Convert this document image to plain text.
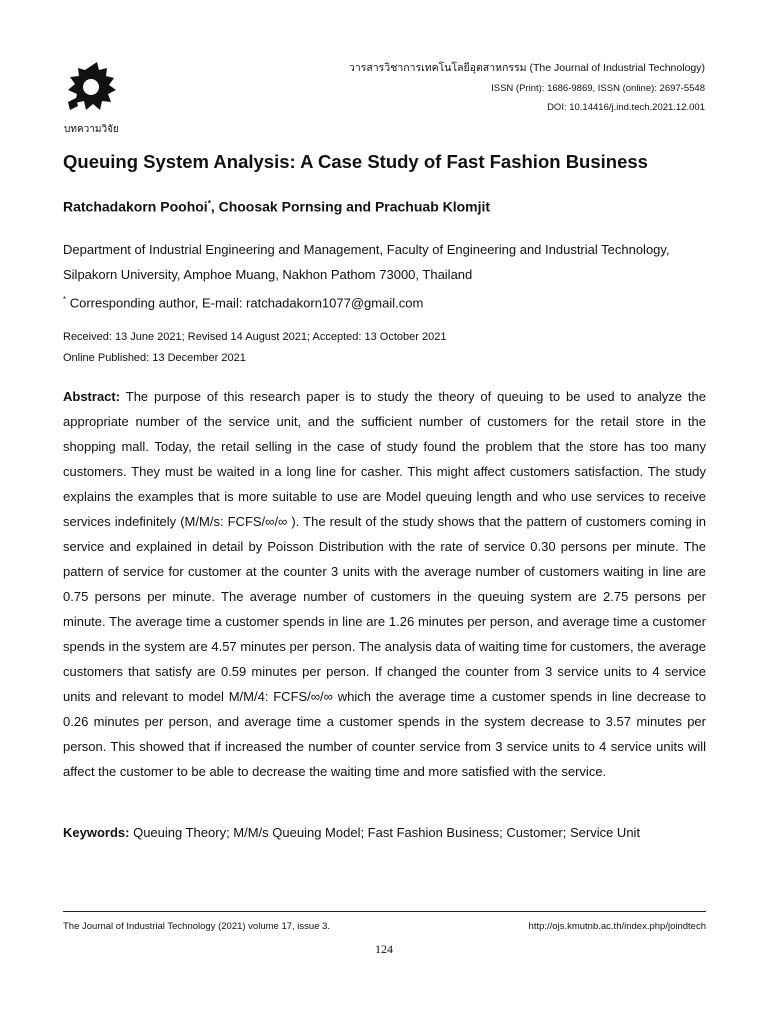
บทความวิจัย
วารสารวิชาการเทคโนโลยีอุตสาหกรรม (The Journal of Industrial Technology)
ISSN (Print): 1686-9869, ISSN (online): 2697-5548
DOI: 10.14416/j.ind.tech.2021.12.001
Queuing System Analysis: A Case Study of Fast Fashion Business
Ratchadakorn Poohoi*, Choosak Pornsing and Prachuab Klomjit
Department of Industrial Engineering and Management, Faculty of Engineering and Industrial Technology,
Silpakorn University, Amphoe Muang, Nakhon Pathom 73000, Thailand
* Corresponding author, E-mail: ratchadakorn1077@gmail.com
Received: 13 June 2021; Revised 14 August 2021; Accepted: 13 October 2021
Online Published: 13 December 2021

Abstract: The purpose of this research paper is to study the theory of queuing to be used to analyze the appropriate number of the service unit, and the sufficient number of customers for the retail store in the shopping mall. Today, the retail selling in the case of study found the problem that the store has too many customers. They must be waited in a long line for casher. This might affect customers satisfaction. The study explains the examples that is more suitable to use are Model queuing length and who use services to receive services indefinitely (M/M/s: FCFS/∞/∞ ). The result of the study shows that the pattern of customers coming in service and explained in detail by Poisson Distribution with the rate of service 0.30 persons per minute. The pattern of service for customer at the counter 3 units with the average number of customers waiting in line are 0.75 persons per minute. The average number of customers in the queuing system are 2.75 persons per minute. The average time a customer spends in line are 1.26 minutes per person, and average time a customer spends in the system are 4.57 minutes per person. The analysis data of waiting time for customers, the average customers that satisfy are 0.59 minutes per person. If changed the counter from 3 service units to 4 service units and relevant to model M/M/4: FCFS/∞/∞ which the average time a customer spends in line decrease to 0.26 minutes per person, and average time a customer spends in the system decrease to 3.57 minutes per person. This showed that if increased the number of counter service from 3 service units to 4 service units will affect the customer to be able to decrease the waiting time and more satisfied with the service.

Keywords: Queuing Theory; M/M/s Queuing Model; Fast Fashion Business; Customer; Service Unit
The Journal of Industrial Technology (2021) volume 17, issue 3.	http://ojs.kmutnb.ac.th/index.php/joindtech
124
